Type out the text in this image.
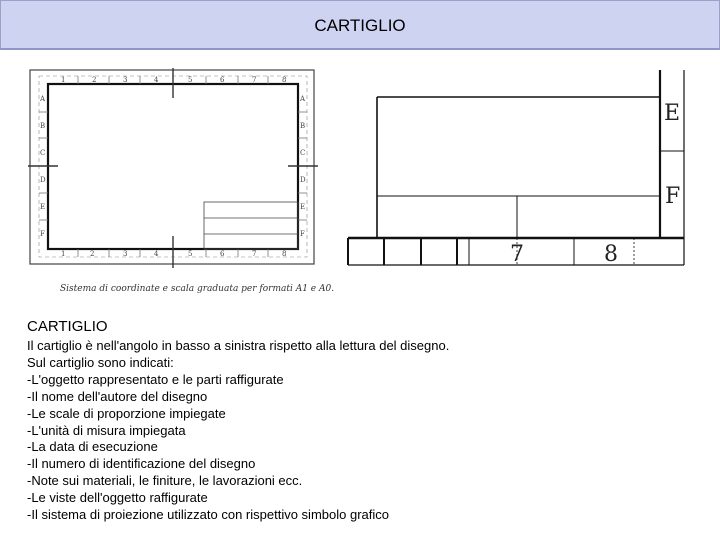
CARTIGLIO
1	2	3	4	5	6	7	8
1	2	3	4	5	6	7	8
A
B
C
D
E
F
A
B
C
D
E
F
Sistema di coordinate e scala graduata per formati A1 e A0.
E
F
7	8
CARTIGLIO
Il cartiglio è nell'angolo in basso a sinistra rispetto alla lettura del disegno.
Sul cartiglio sono indicati:
-L'oggetto rappresentato e le parti raffigurate
-Il nome dell'autore del disegno
-Le scale di proporzione impiegate
-L'unità di misura impiegata
-La data di esecuzione
-Il numero di identificazione del disegno
-Note sui materiali, le finiture, le lavorazioni ecc.
-Le viste dell'oggetto raffigurate
-Il sistema di proiezione utilizzato con rispettivo simbolo grafico
